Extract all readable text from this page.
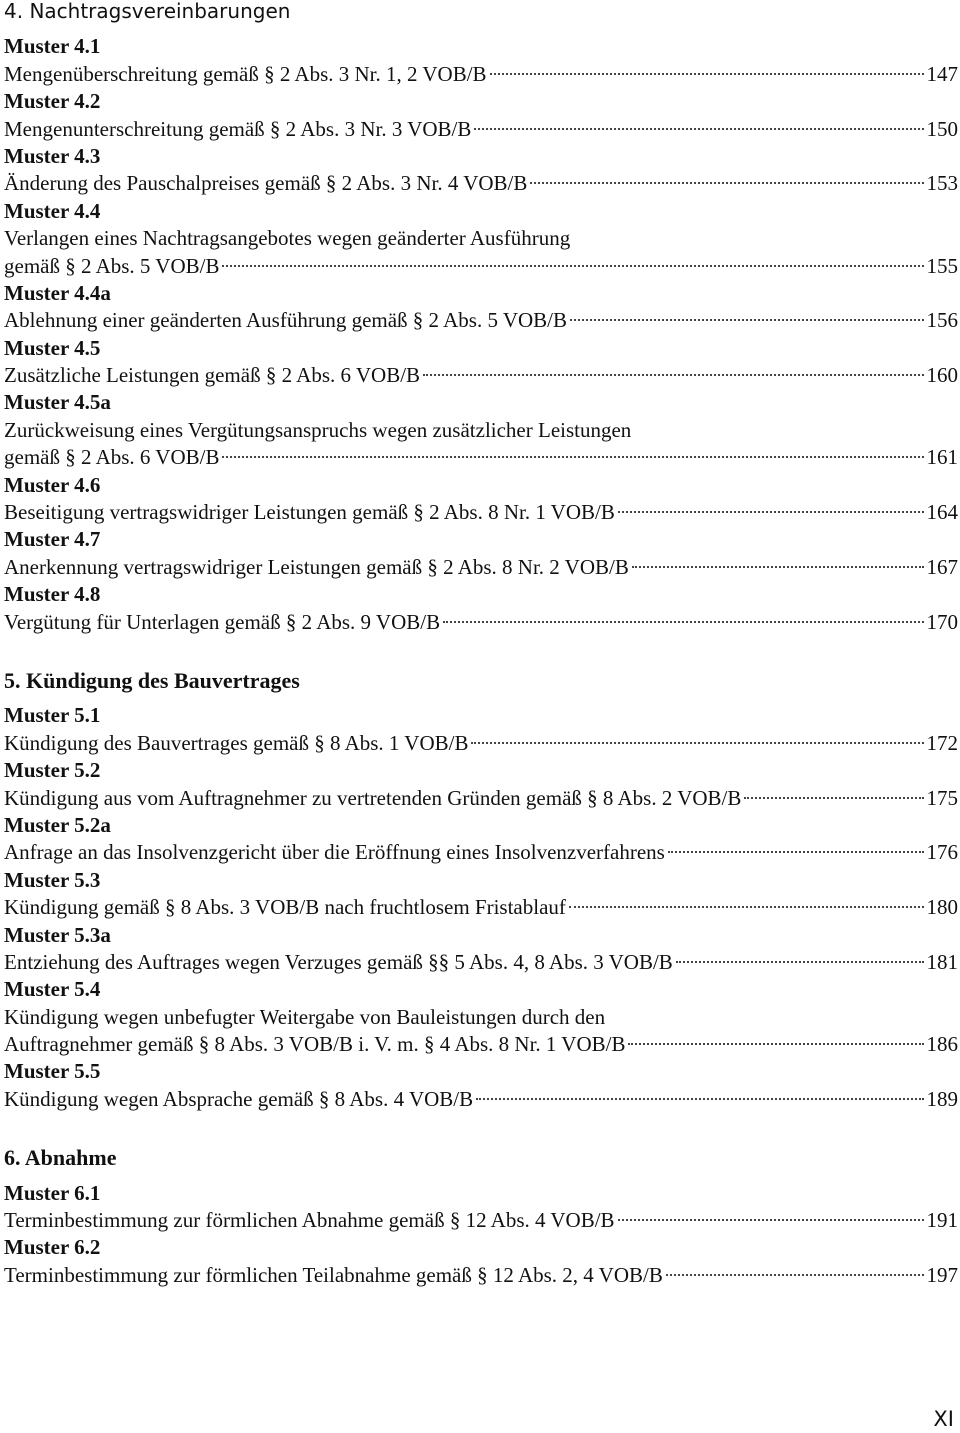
4. Nachtragsvereinbarungen
Muster 4.1
Mengenüberschreitung gemäß § 2 Abs. 3 Nr. 1, 2 VOB/B	147
Muster 4.2
Mengenunterschreitung gemäß § 2 Abs. 3 Nr. 3 VOB/B	150
Muster 4.3
Änderung des Pauschalpreises gemäß § 2 Abs. 3 Nr. 4 VOB/B	153
Muster 4.4
Verlangen eines Nachtragsangebotes wegen geänderter Ausführung
gemäß § 2 Abs. 5 VOB/B	155
Muster 4.4a
Ablehnung einer geänderten Ausführung gemäß § 2 Abs. 5 VOB/B	156
Muster 4.5
Zusätzliche Leistungen gemäß § 2 Abs. 6 VOB/B	160
Muster 4.5a
Zurückweisung eines Vergütungsanspruchs wegen zusätzlicher Leistungen
gemäß § 2 Abs. 6 VOB/B	161
Muster 4.6
Beseitigung vertragswidriger Leistungen gemäß § 2 Abs. 8 Nr. 1 VOB/B	164
Muster 4.7
Anerkennung vertragswidriger Leistungen gemäß § 2 Abs. 8 Nr. 2 VOB/B	167
Muster 4.8
Vergütung für Unterlagen gemäß § 2 Abs. 9 VOB/B	170
5. Kündigung des Bauvertrages
Muster 5.1
Kündigung des Bauvertrages gemäß § 8 Abs. 1 VOB/B	172
Muster 5.2
Kündigung aus vom Auftragnehmer zu vertretenden Gründen gemäß § 8 Abs. 2 VOB/B	175
Muster 5.2a
Anfrage an das Insolvenzgericht über die Eröffnung eines Insolvenzverfahrens	176
Muster 5.3
Kündigung gemäß § 8 Abs. 3 VOB/B nach fruchtlosem Fristablauf	180
Muster 5.3a
Entziehung des Auftrages wegen Verzuges gemäß §§ 5 Abs. 4, 8 Abs. 3 VOB/B	181
Muster 5.4
Kündigung wegen unbefugter Weitergabe von Bauleistungen durch den
Auftragnehmer gemäß § 8 Abs. 3 VOB/B i. V. m. § 4 Abs. 8 Nr. 1 VOB/B	186
Muster 5.5
Kündigung wegen Absprache gemäß § 8 Abs. 4 VOB/B	189
6. Abnahme
Muster 6.1
Terminbestimmung zur förmlichen Abnahme gemäß § 12 Abs. 4 VOB/B	191
Muster 6.2
Terminbestimmung zur förmlichen Teilabnahme gemäß § 12 Abs. 2, 4 VOB/B	197
XI
